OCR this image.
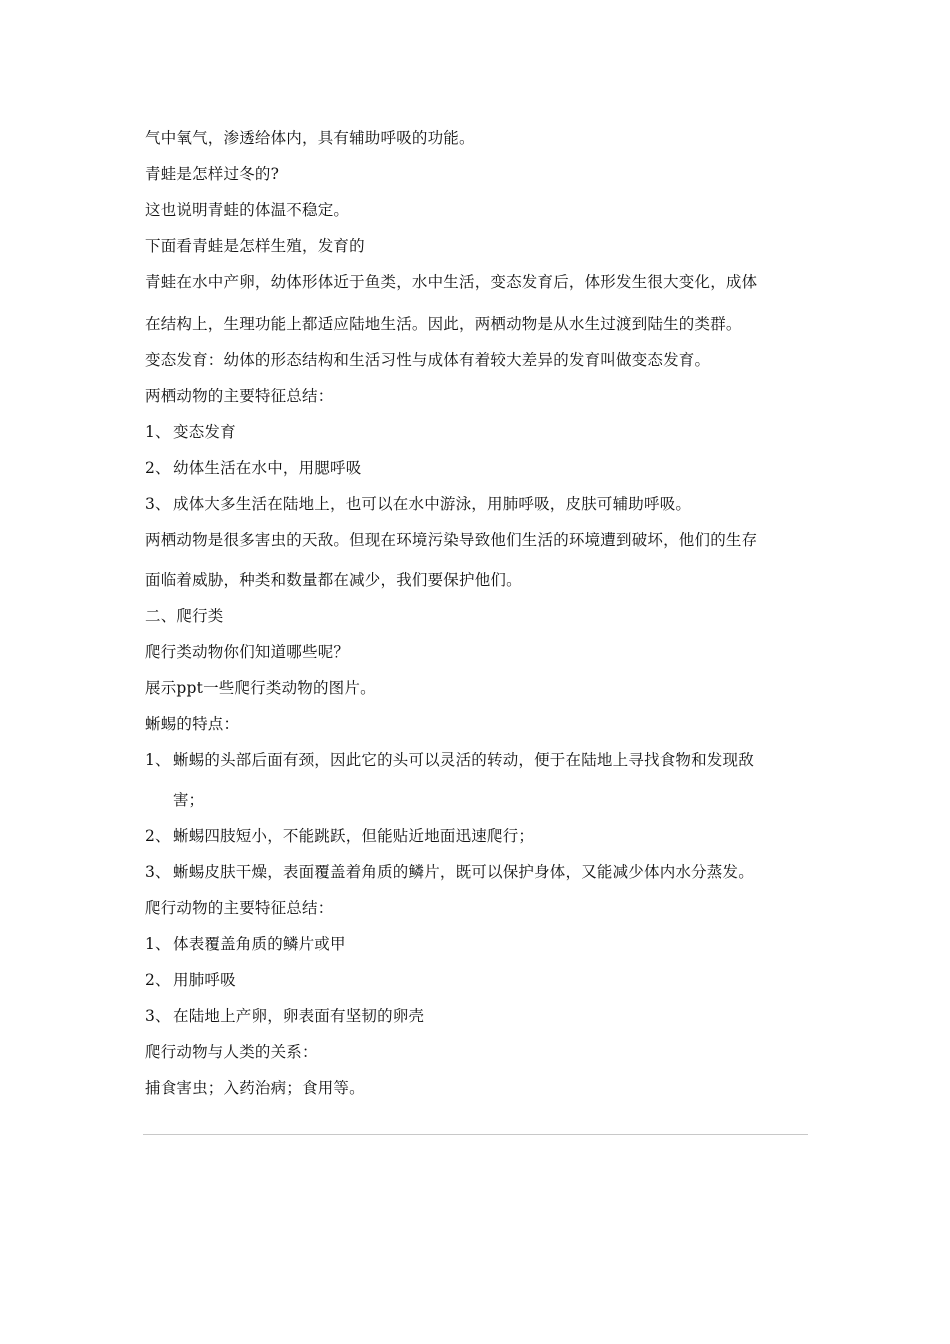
气中氧气，渗透给体内，具有辅助呼吸的功能。
青蛙是怎样过冬的?
这也说明青蛙的体温不稳定。
下面看青蛙是怎样生殖，发育的
青蛙在水中产卵，幼体形体近于鱼类，水中生活，变态发育后，体形发生很大变化，成体
在结构上，生理功能上都适应陆地生活。因此，两栖动物是从水生过渡到陆生的类群。
变态发育：幼体的形态结构和生活习性与成体有着较大差异的发育叫做变态发育。
两栖动物的主要特征总结：
1、 变态发育
2、 幼体生活在水中，用腮呼吸
3、 成体大多生活在陆地上，也可以在水中游泳，用肺呼吸，皮肤可辅助呼吸。
两栖动物是很多害虫的天敌。但现在环境污染导致他们生活的环境遭到破坏，他们的生存
面临着威胁，种类和数量都在减少，我们要保护他们。
二、爬行类
爬行类动物你们知道哪些呢？
展示ppt一些爬行类动物的图片。
蜥蜴的特点：
1、 蜥蜴的头部后面有颈，因此它的头可以灵活的转动，便于在陆地上寻找食物和发现敌
害；
2、 蜥蜴四肢短小，不能跳跃，但能贴近地面迅速爬行；
3、 蜥蜴皮肤干燥，表面覆盖着角质的鳞片，既可以保护身体，又能减少体内水分蒸发。
爬行动物的主要特征总结：
1、 体表覆盖角质的鳞片或甲
2、 用肺呼吸
3、 在陆地上产卵，卵表面有坚韧的卵壳
爬行动物与人类的关系：
捕食害虫；入药治病；食用等。
